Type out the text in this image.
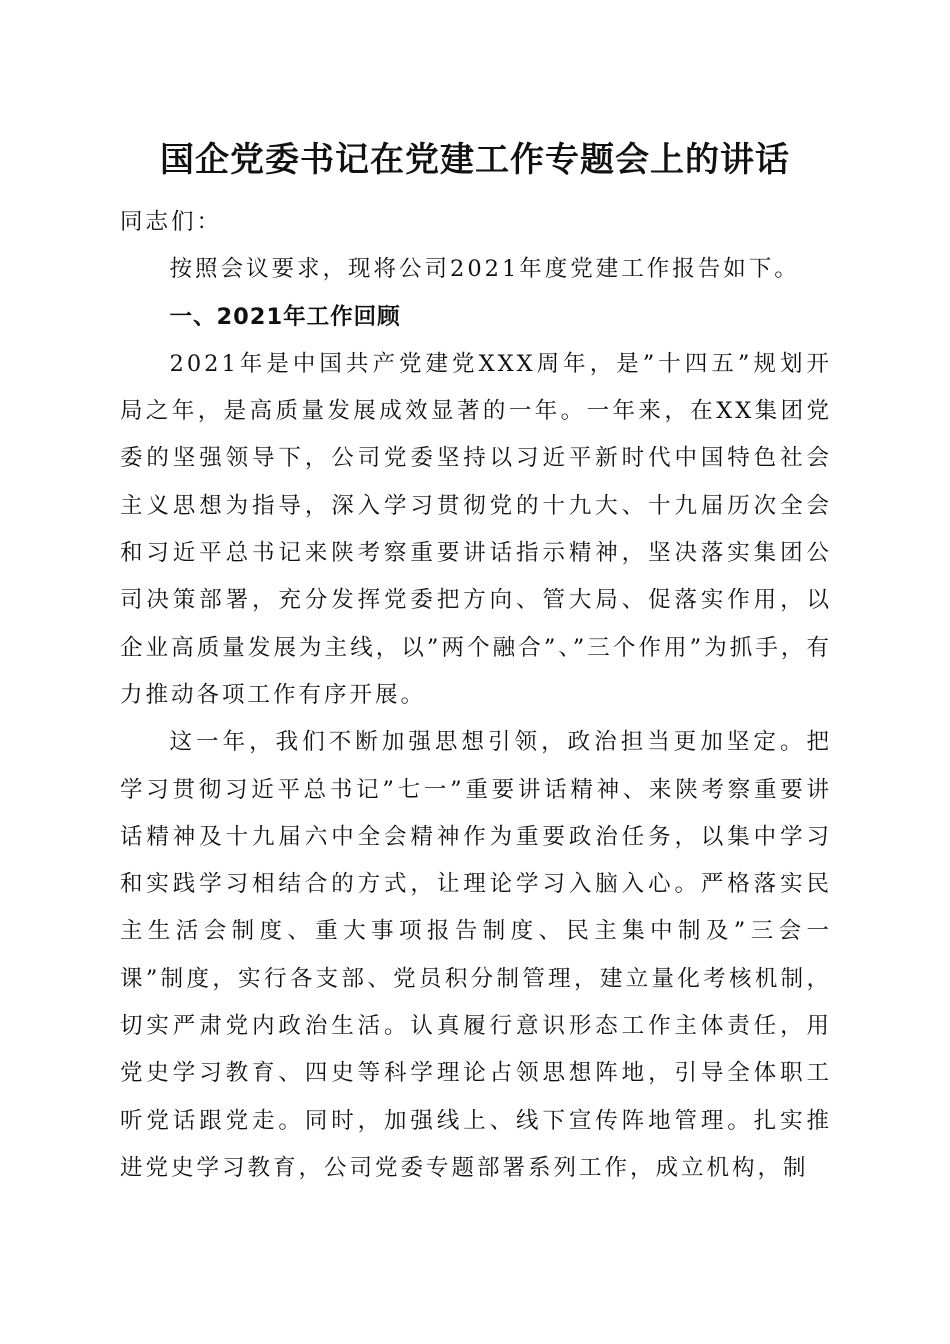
国企党委书记在党建工作专题会上的讲话

同志们：

按照会议要求，现将公司2021年度党建工作报告如下。

一、2021年工作回顾

2021年是中国共产党建党XXX周年，是”十四五”规划开局之年，是高质量发展成效显著的一年。一年来，在XX集团党委的坚强领导下，公司党委坚持以习近平新时代中国特色社会主义思想为指导，深入学习贯彻党的十九大、十九届历次全会和习近平总书记来陕考察重要讲话指示精神，坚决落实集团公司决策部署，充分发挥党委把方向、管大局、促落实作用，以企业高质量发展为主线，以”两个融合”、”三个作用”为抓手，有力推动各项工作有序开展。

这一年，我们不断加强思想引领，政治担当更加坚定。把学习贯彻习近平总书记”七一”重要讲话精神、来陕考察重要讲话精神及十九届六中全会精神作为重要政治任务，以集中学习和实践学习相结合的方式，让理论学习入脑入心。严格落实民主生活会制度、重大事项报告制度、民主集中制及”三会一课”制度，实行各支部、党员积分制管理，建立量化考核机制，切实严肃党内政治生活。认真履行意识形态工作主体责任，用党史学习教育、四史等科学理论占领思想阵地，引导全体职工听党话跟党走。同时，加强线上、线下宣传阵地管理。扎实推进党史学习教育，公司党委专题部署系列工作，成立机构，制
